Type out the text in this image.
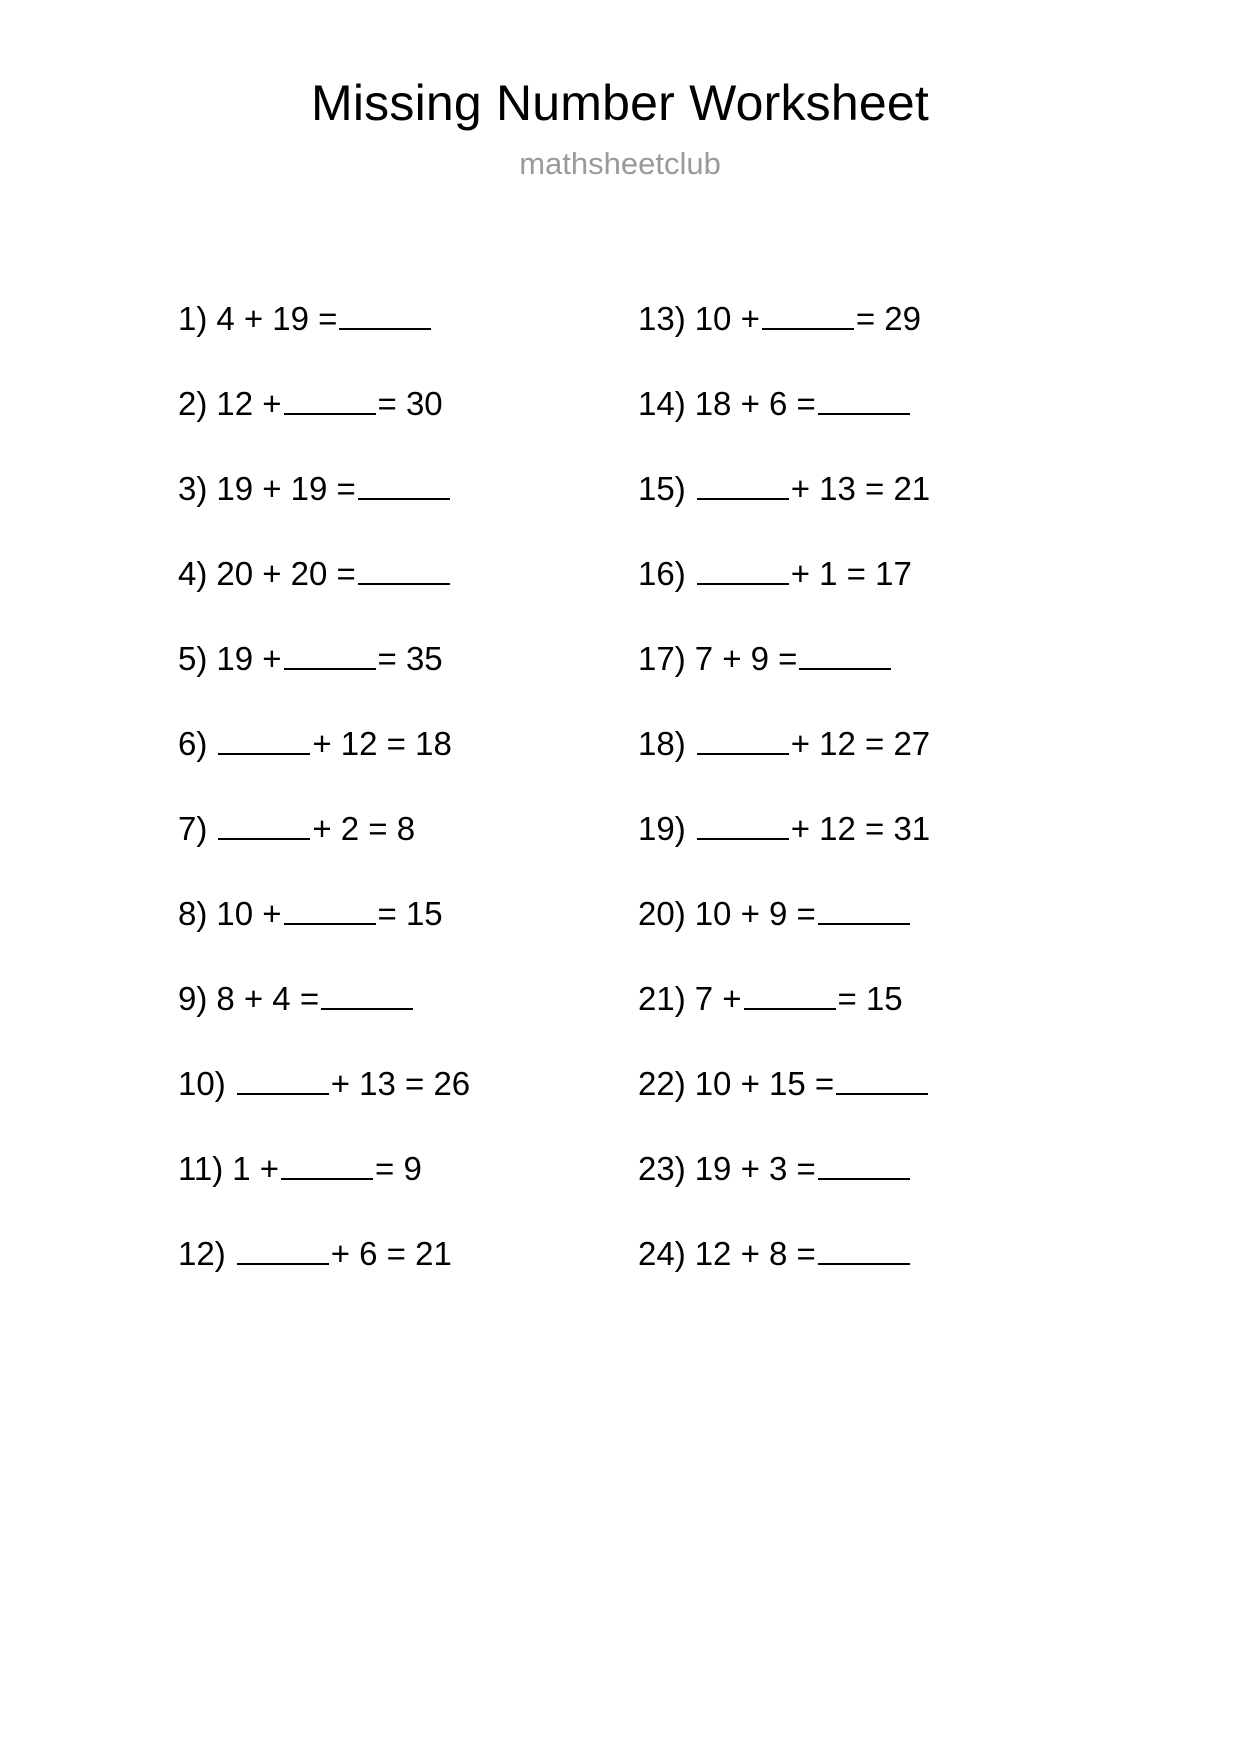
Missing Number Worksheet
mathsheetclub
1) 4 + 19 =
2) 12 +	= 30
3) 19 + 19 =
4) 20 + 20 =
5) 19 +	= 35
6)	+ 12 = 18
7)	+ 2 = 8
8) 10 +	= 15
9) 8 + 4 =
10)	+ 13 = 26
11) 1 +	= 9
12)	+ 6 = 21
13) 10 +	= 29
14) 18 + 6 =
15)	+ 13 = 21
16)	+ 1 = 17
17) 7 + 9 =
18)	+ 12 = 27
19)	+ 12 = 31
20) 10 + 9 =
21) 7 +	= 15
22) 10 + 15 =
23) 19 + 3 =
24) 12 + 8 =
